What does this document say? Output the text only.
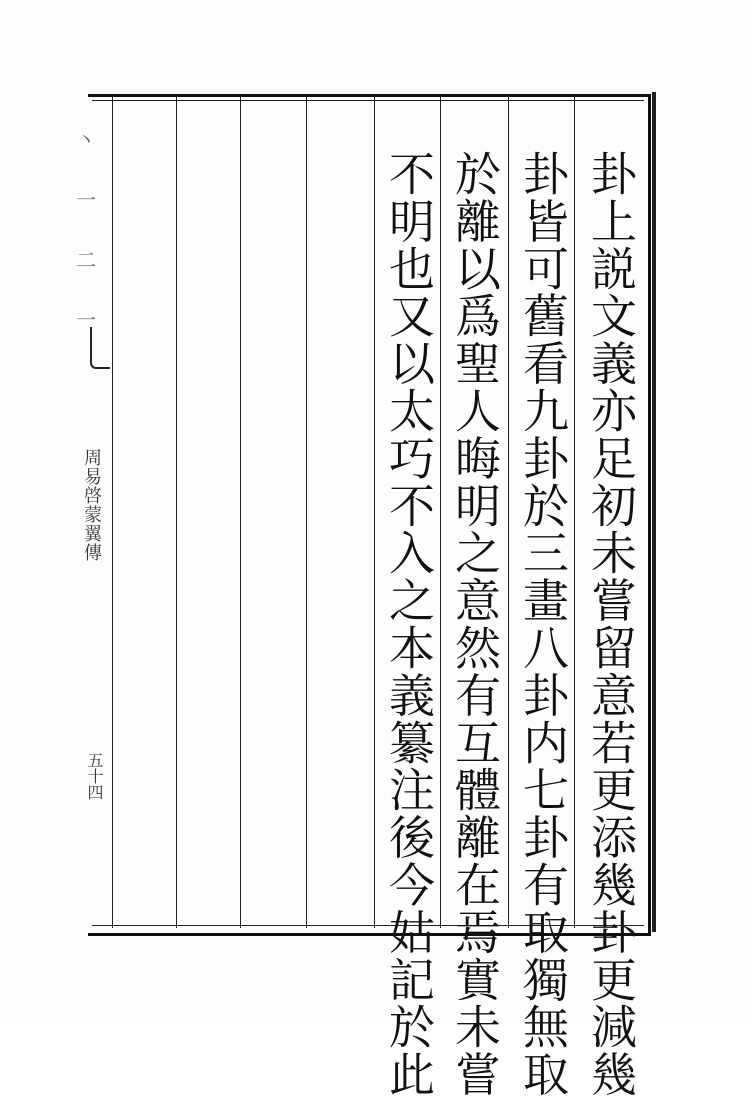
卦上説文義亦足初未嘗留意若更添幾卦更減幾
卦皆可舊看九卦於三畫八卦内七卦有取獨無取
於離以爲聖人晦明之意然有互體離在焉實未嘗
不明也又以太巧不入之本義纂注後今姑記於此
丶
一
二
一
周易啓蒙翼傳
五十四
